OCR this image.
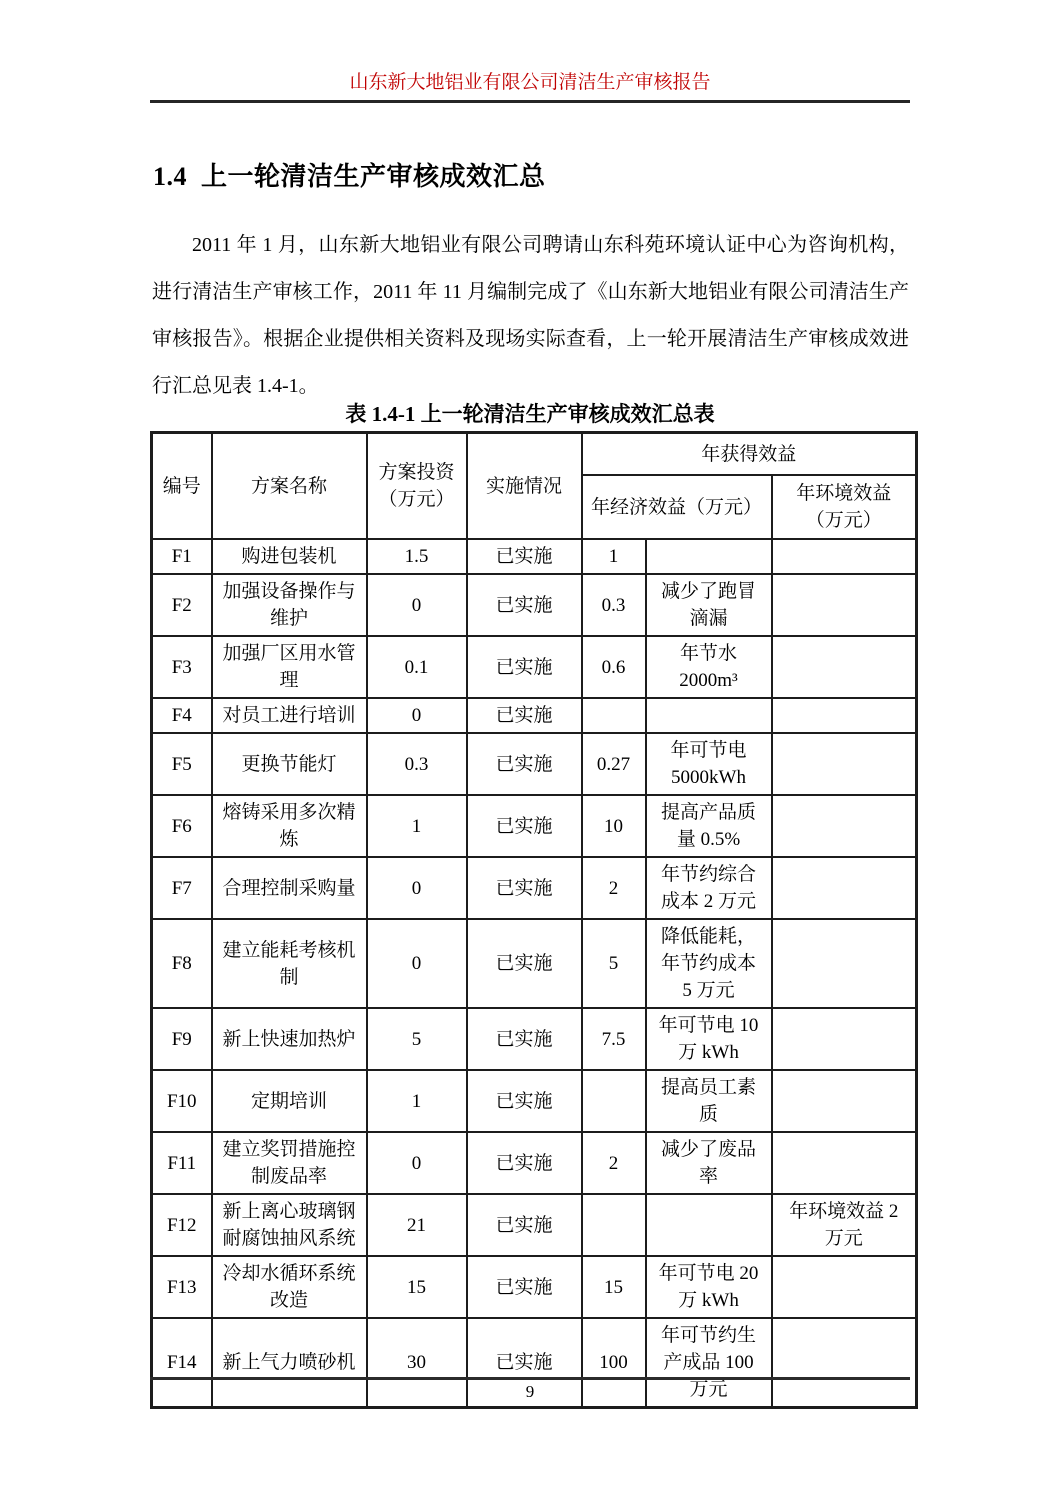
山东新大地铝业有限公司清洁生产审核报告
1.4 上一轮清洁生产审核成效汇总
2011 年 1 月，山东新大地铝业有限公司聘请山东科苑环境认证中心为咨询机构，进行清洁生产审核工作，2011 年 11 月编制完成了《山东新大地铝业有限公司清洁生产审核报告》。根据企业提供相关资料及现场实际查看，上一轮开展清洁生产审核成效进行汇总见表 1.4-1。
表 1.4-1 上一轮清洁生产审核成效汇总表
编号	方案名称	方案投资（万元）	实施情况	年获得效益		
				年经济效益（万元）		年环境效益（万元）
F1	购进包装机	1.5	已实施	1		
F2	加强设备操作与维护	0	已实施	0.3	减少了跑冒滴漏	
F3	加强厂区用水管理	0.1	已实施	0.6	年节水 2000m³	
F4	对员工进行培训	0	已实施			
F5	更换节能灯	0.3	已实施	0.27	年可节电 5000kWh	
F6	熔铸采用多次精炼	1	已实施	10	提高产品质量 0.5%	
F7	合理控制采购量	0	已实施	2	年节约综合成本 2 万元	
F8	建立能耗考核机制	0	已实施	5	降低能耗，年节约成本 5 万元	
F9	新上快速加热炉	5	已实施	7.5	年可节电 10 万 kWh	
F10	定期培训	1	已实施		提高员工素质	
F11	建立奖罚措施控制废品率	0	已实施	2	减少了废品率	
F12	新上离心玻璃钢耐腐蚀抽风系统	21	已实施			年环境效益 2 万元
F13	冷却水循环系统改造	15	已实施	15	年可节电 20 万 kWh	
F14	新上气力喷砂机	30	已实施	100	年可节约生产成品 100 万元	
9
